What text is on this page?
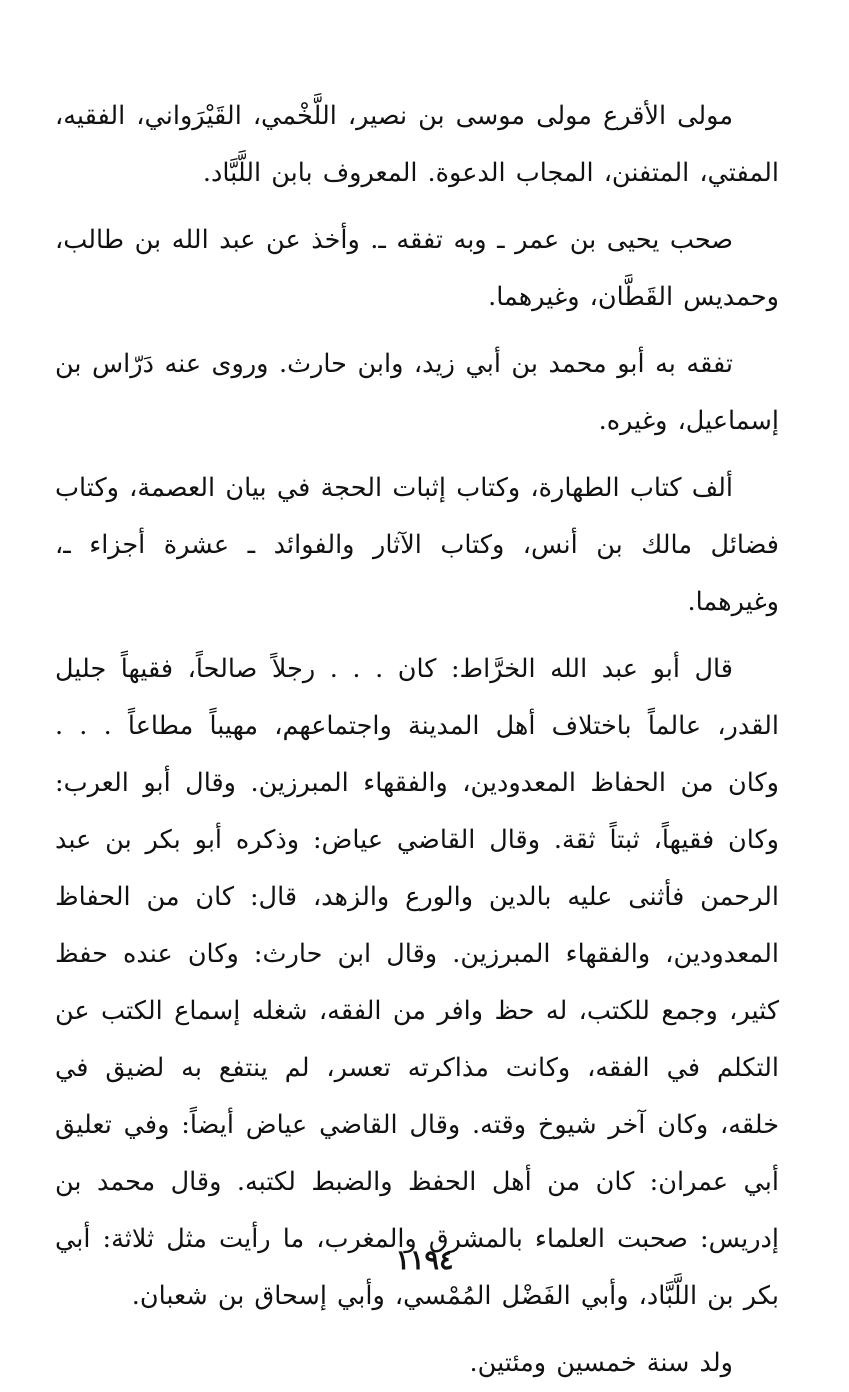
مولى الأقرع مولى موسى بن نصير، اللَّخْمي، القَيْرَواني، الفقيه، المفتي، المتفنن، المجاب الدعوة. المعروف بابن اللَّبَّاد.

صحب يحيى بن عمر ـ وبه تفقه ـ. وأخذ عن عبد الله بن طالب، وحمديس القَطَّان، وغيرهما.

تفقه به أبو محمد بن أبي زيد، وابن حارث. وروى عنه دَرّاس بن إسماعيل، وغيره.

ألف كتاب الطهارة، وكتاب إثبات الحجة في بيان العصمة، وكتاب فضائل مالك بن أنس، وكتاب الآثار والفوائد ـ عشرة أجزاء ـ، وغيرهما.

قال أبو عبد الله الخرَّاط: كان . . . رجلاً صالحاً، فقيهاً جليل القدر، عالماً باختلاف أهل المدينة واجتماعهم، مهيباً مطاعاً . . . وكان من الحفاظ المعدودين، والفقهاء المبرزين. وقال أبو العرب: وكان فقيهاً، ثبتاً ثقة. وقال القاضي عياض: وذكره أبو بكر بن عبد الرحمن فأثنى عليه بالدين والورع والزهد، قال: كان من الحفاظ المعدودين، والفقهاء المبرزين. وقال ابن حارث: وكان عنده حفظ كثير، وجمع للكتب، له حظ وافر من الفقه، شغله إسماع الكتب عن التكلم في الفقه، وكانت مذاكرته تعسر، لم ينتفع به لضيق في خلقه، وكان آخر شيوخ وقته. وقال القاضي عياض أيضاً: وفي تعليق أبي عمران: كان من أهل الحفظ والضبط لكتبه. وقال محمد بن إدريس: صحبت العلماء بالمشرق والمغرب، ما رأيت مثل ثلاثة: أبي بكر بن اللَّبَّاد، وأبي الفَضْل المُمْسي، وأبي إسحاق بن شعبان.

ولد سنة خمسين ومئتين.

١١٩٤
